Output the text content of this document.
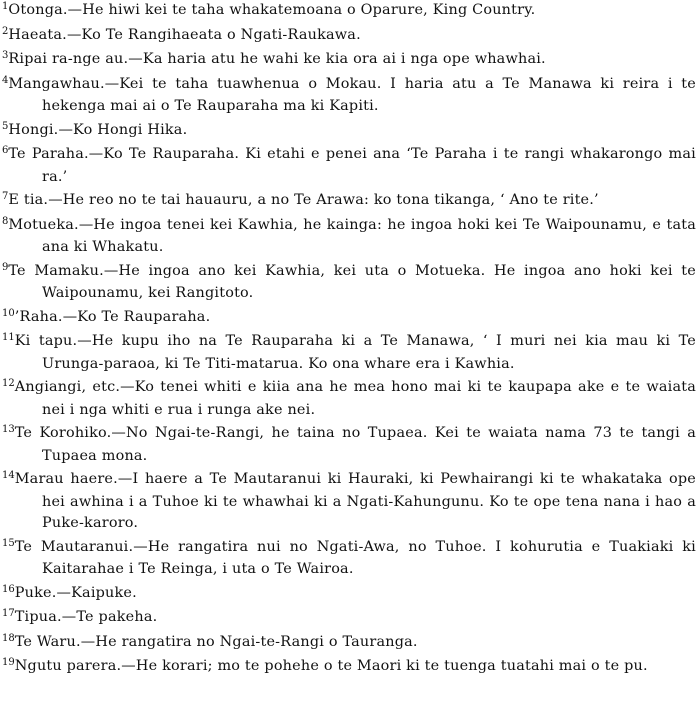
$^1$Otonga.—He hiwi kei te taha whakatemoana o Oparure, King Country.

$^2$Haeata.—Ko Te Rangihaeata o Ngati-Raukawa.

$^3$Ripai ra-nge au.—Ka haria atu he wahi ke kia ora ai i nga ope whawhai.

$^4$Mangawhau.—Kei te taha tuawhenua o Mokau. I haria atu a Te Manawa ki reira i te hekenga mai ai o Te Rauparaha ma ki Kapiti.

$^5$Hongi.—Ko Hongi Hika.

$^6$Te Paraha.—Ko Te Rauparaha. Ki etahi e penei ana ‘Te Paraha i te rangi whakarongo mai ra.’

$^7$E tia.—He reo no te tai hauauru, a no Te Arawa: ko tona tikanga, ‘ Ano te rite.’

$^8$Motueka.—He ingoa tenei kei Kawhia, he kainga: he ingoa hoki kei Te Waipounamu, e tata ana ki Whakatu.

$^9$Te Mamaku.—He ingoa ano kei Kawhia, kei uta o Motueka. He ingoa ano hoki kei te Waipounamu, kei Rangitoto.

$^{10}$’Raha.—Ko Te Rauparaha.

$^{11}$Ki tapu.—He kupu iho na Te Rauparaha ki a Te Manawa, ‘ I muri nei kia mau ki Te Urunga-paraoa, ki Te Titi-matarua. Ko ona whare era i Kawhia.

$^{12}$Angiangi, etc.—Ko tenei whiti e kiia ana he mea hono mai ki te kaupapa ake e te waiata nei i nga whiti e rua i runga ake nei.

$^{13}$Te Korohiko.—No Ngai-te-Rangi, he taina no Tupaea. Kei te waiata nama 73 te tangi a Tupaea mona.

$^{14}$Marau haere.—I haere a Te Mautaranui ki Hauraki, ki Pewhairangi ki te whakataka ope hei awhina i a Tuhoe ki te whawhai ki a Ngati-Kahungunu. Ko te ope tena nana i hao a Puke-karoro.

$^{15}$Te Mautaranui.—He rangatira nui no Ngati-Awa, no Tuhoe. I kohurutia e Tuakiaki ki Kaitarahae i Te Reinga, i uta o Te Wairoa.

$^{16}$Puke.—Kaipuke.

$^{17}$Tipua.—Te pakeha.

$^{18}$Te Waru.—He rangatira no Ngai-te-Rangi o Tauranga.

$^{19}$Ngutu parera.—He korari; mo te pohehe o te Maori ki te tuenga tuatahi mai o te pu.
